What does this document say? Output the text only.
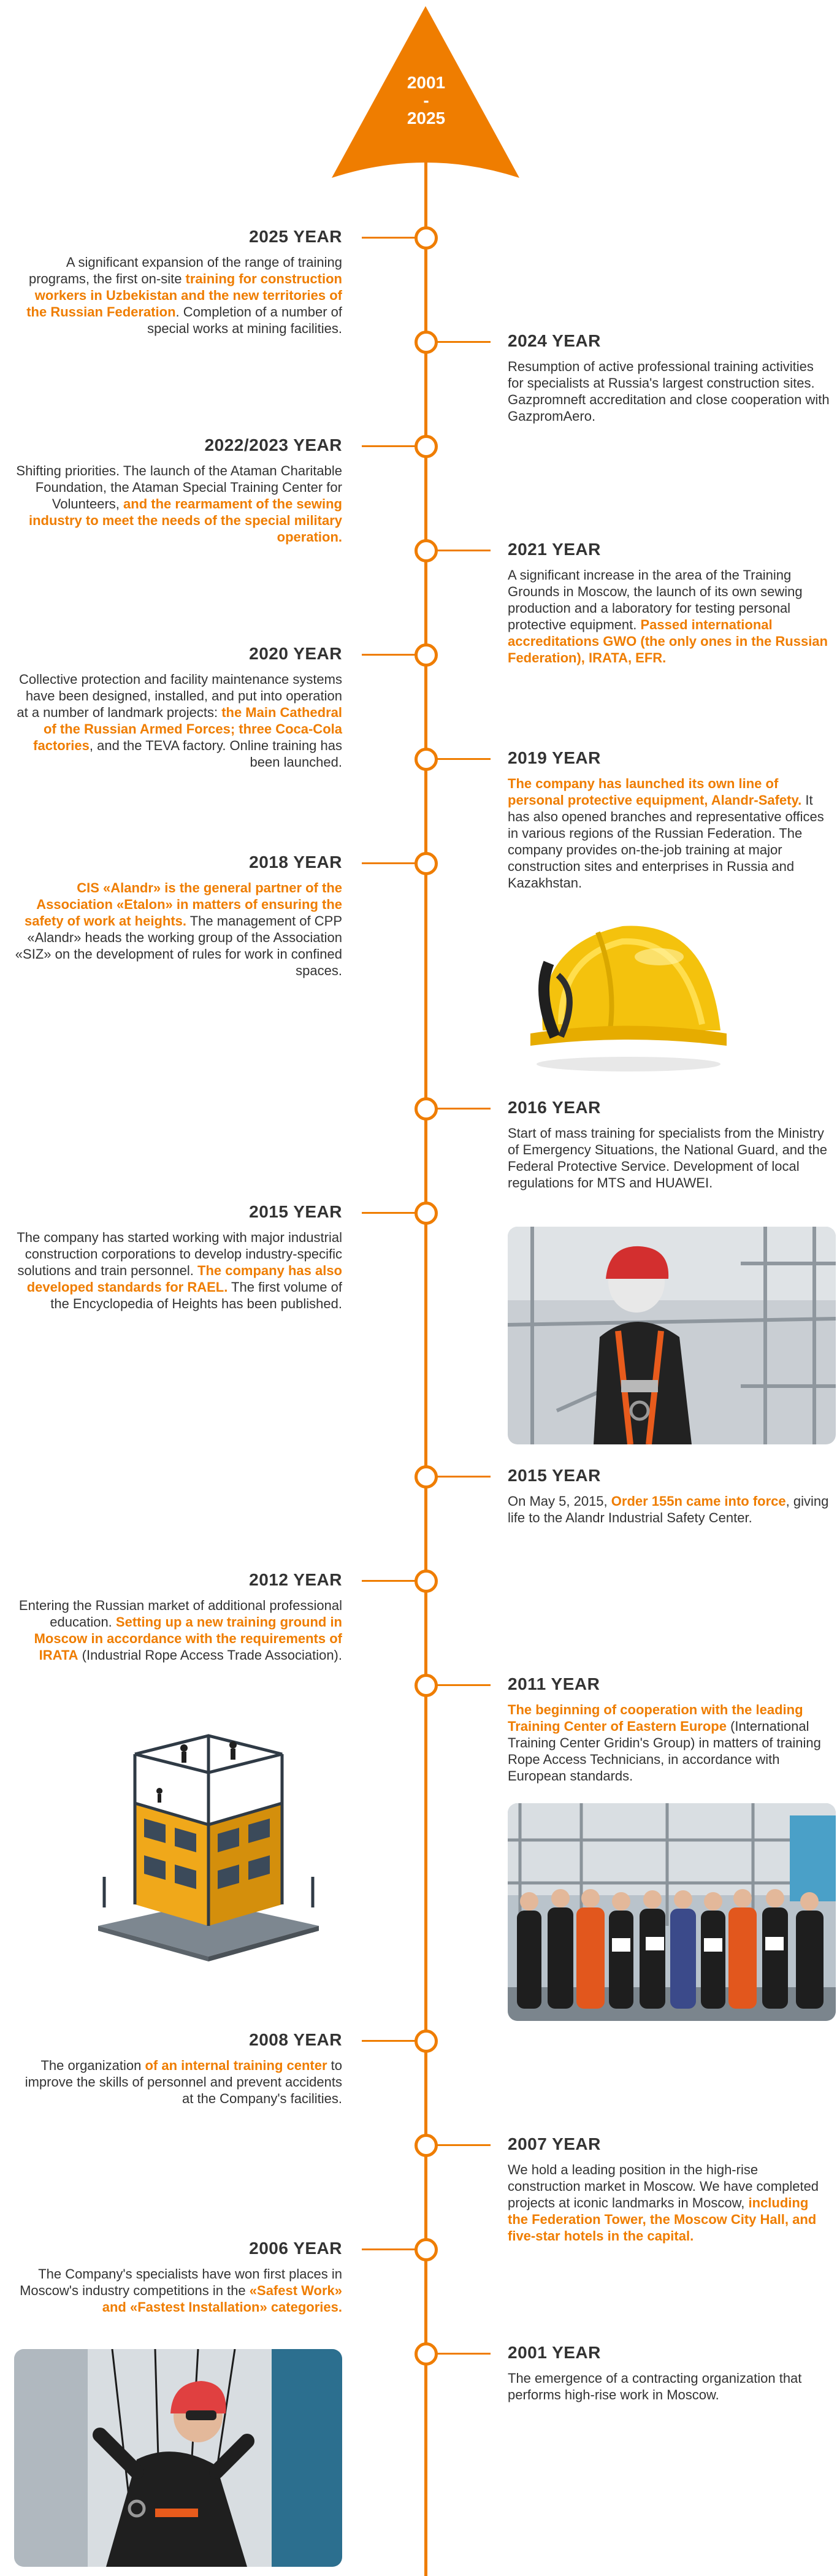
2001
-
2025
2025 YEAR

A significant expansion of the range of training programs, the first on-site training for construction workers in Uzbekistan and the new territories of the Russian Federation. Completion of a number of special works at mining facilities.

2024 YEAR

Resumption of active professional training activities for specialists at Russia's largest construction sites. Gazpromneft accreditation and close cooperation with GazpromAero.

2022/2023 YEAR

Shifting priorities. The launch of the Ataman Charitable Foundation, the Ataman Special Training Center for Volunteers, and the rearmament of the sewing industry to meet the needs of the special military operation.

2021 YEAR

A significant increase in the area of the Training Grounds in Moscow, the launch of its own sewing production and a laboratory for testing personal protective equipment. Passed international accreditations GWO (the only ones in the Russian Federation), IRATA, EFR.

2020 YEAR

Collective protection and facility maintenance systems have been designed, installed, and put into operation at a number of landmark projects: the Main Cathedral of the Russian Armed Forces; three Coca-Cola factories, and the TEVA factory. Online training has been launched.	2019 YEAR

The company has launched its own line of personal protective equipment, Alandr-Safety. It has also opened branches and representative offices in various regions of the Russian Federation. The company provides on-the-job training at major construction sites and enterprises in Russia and Kazakhstan.

2018 YEAR

CIS «Alandr» is the general partner of the Association «Etalon» in matters of ensuring the safety of work at heights. The management of CPP «Alandr» heads the working group of the Association «SIZ» on the development of rules for work in confined spaces.

2016 YEAR

Start of mass training for specialists from the Ministry of Emergency Situations, the National Guard, and the Federal Protective Service. Development of local regulations for MTS and HUAWEI.

2015 YEAR

The company has started working with major industrial construction corporations to develop industry-specific solutions and train personnel. The company has also developed standards for RAEL. The first volume of the Encyclopedia of Heights has been published.

2015 YEAR

On May 5, 2015, Order 155n came into force, giving life to the Alandr Industrial Safety Center.

2012 YEAR

Entering the Russian market of additional professional education. Setting up a new training ground in Moscow in accordance with the requirements of IRATA (Industrial Rope Access Trade Association).

2011 YEAR

The beginning of cooperation with the leading Training Center of Eastern Europe (International Training Center Gridin's Group) in matters of training Rope Access Technicians, in accordance with European standards.

2008 YEAR

The organization of an internal training center to improve the skills of personnel and prevent accidents at the Company's facilities.

2007 YEAR

We hold a leading position in the high-rise construction market in Moscow. We have completed projects at iconic landmarks in Moscow, including the Federation Tower, the Moscow City Hall, and five-star hotels in the capital.

2006 YEAR

The Company's specialists have won first places in Moscow's industry competitions in the «Safest Work» and «Fastest Installation» categories.

2001 YEAR

The emergence of a contracting organization that performs high-rise work in Moscow.
